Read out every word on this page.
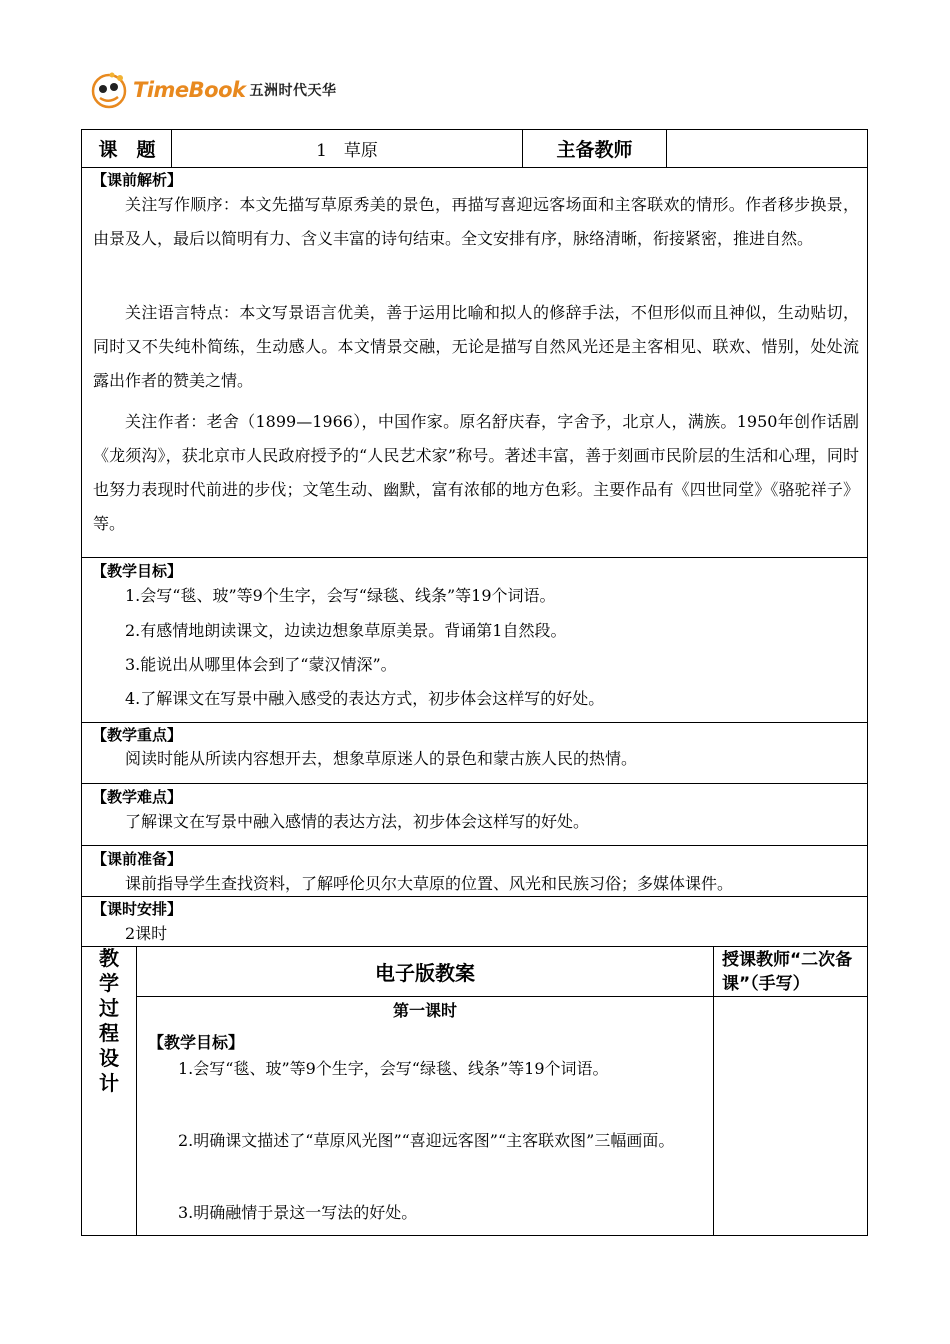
TimeBook 五洲时代天华
课　题	1　草原	主备教师
【课前解析】
关注写作顺序：本文先描写草原秀美的景色，再描写喜迎远客场面和主客联欢的情形。作者移步换景，由景及人，最后以简明有力、含义丰富的诗句结束。全文安排有序，脉络清晰，衔接紧密，推进自然。
关注语言特点：本文写景语言优美，善于运用比喻和拟人的修辞手法，不但形似而且神似，生动贴切，同时又不失纯朴简练，生动感人。本文情景交融，无论是描写自然风光还是主客相见、联欢、惜别，处处流露出作者的赞美之情。
关注作者：老舍（1899—1966），中国作家。原名舒庆春，字舍予，北京人，满族。1950年创作话剧《龙须沟》，获北京市人民政府授予的“人民艺术家”称号。著述丰富，善于刻画市民阶层的生活和心理，同时也努力表现时代前进的步伐；文笔生动、幽默，富有浓郁的地方色彩。主要作品有《四世同堂》《骆驼祥子》等。
【教学目标】
1.会写“毯、玻”等9个生字，会写“绿毯、线条”等19个词语。
2.有感情地朗读课文，边读边想象草原美景。背诵第1自然段。
3.能说出从哪里体会到了“蒙汉情深”。
4.了解课文在写景中融入感受的表达方式，初步体会这样写的好处。
【教学重点】
阅读时能从所读内容想开去，想象草原迷人的景色和蒙古族人民的热情。
【教学难点】
了解课文在写景中融入感情的表达方法，初步体会这样写的好处。
【课前准备】
课前指导学生查找资料，了解呼伦贝尔大草原的位置、风光和民族习俗；多媒体课件。
【课时安排】
2课时
教
学
过
程
设
计
电子版教案
授课教师“二次备课”（手写）
第一课时
【教学目标】
1.会写“毯、玻”等9个生字，会写“绿毯、线条”等19个词语。
2.明确课文描述了“草原风光图”“喜迎远客图”“主客联欢图”三幅画面。
3.明确融情于景这一写法的好处。
